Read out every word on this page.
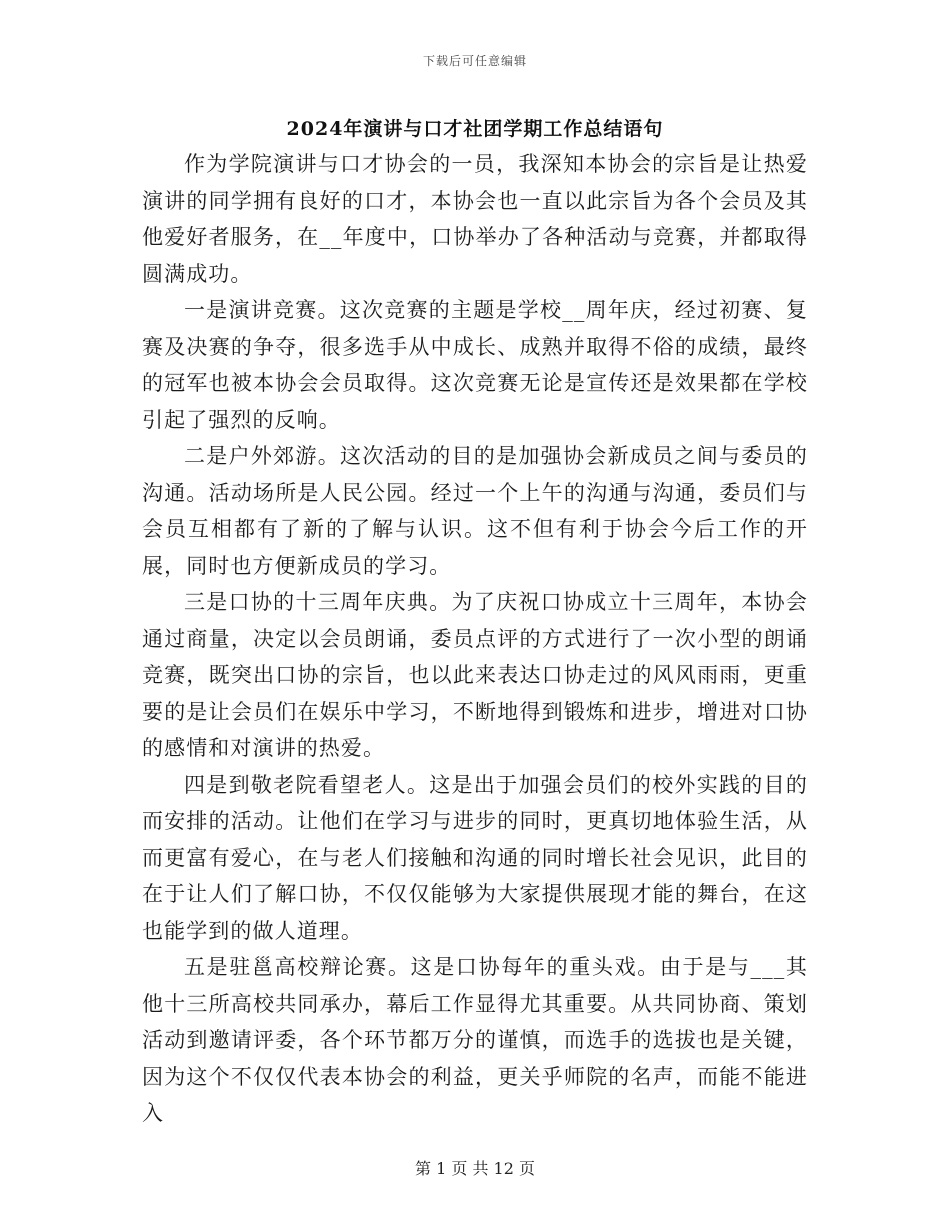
下载后可任意编辑
2024年演讲与口才社团学期工作总结语句

作为学院演讲与口才协会的一员，我深知本协会的宗旨是让热爱演讲的同学拥有良好的口才，本协会也一直以此宗旨为各个会员及其他爱好者服务，在__年度中，口协举办了各种活动与竞赛，并都取得圆满成功。

一是演讲竞赛。这次竞赛的主题是学校__周年庆，经过初赛、复赛及决赛的争夺，很多选手从中成长、成熟并取得不俗的成绩，最终的冠军也被本协会会员取得。这次竞赛无论是宣传还是效果都在学校引起了强烈的反响。

二是户外郊游。这次活动的目的是加强协会新成员之间与委员的沟通。活动场所是人民公园。经过一个上午的沟通与沟通，委员们与会员互相都有了新的了解与认识。这不但有利于协会今后工作的开展，同时也方便新成员的学习。

三是口协的十三周年庆典。为了庆祝口协成立十三周年，本协会通过商量，决定以会员朗诵，委员点评的方式进行了一次小型的朗诵竞赛，既突出口协的宗旨，也以此来表达口协走过的风风雨雨，更重要的是让会员们在娱乐中学习，不断地得到锻炼和进步，增进对口协的感情和对演讲的热爱。

四是到敬老院看望老人。这是出于加强会员们的校外实践的目的而安排的活动。让他们在学习与进步的同时，更真切地体验生活，从而更富有爱心，在与老人们接触和沟通的同时增长社会见识，此目的在于让人们了解口协，不仅仅能够为大家提供展现才能的舞台，在这也能学到的做人道理。

五是驻邕高校辩论赛。这是口协每年的重头戏。由于是与___其他十三所高校共同承办，幕后工作显得尤其重要。从共同协商、策划活动到邀请评委，各个环节都万分的谨慎，而选手的选拔也是关键，因为这个不仅仅代表本协会的利益，更关乎师院的名声，而能不能进入

第 1 页 共 12 页
